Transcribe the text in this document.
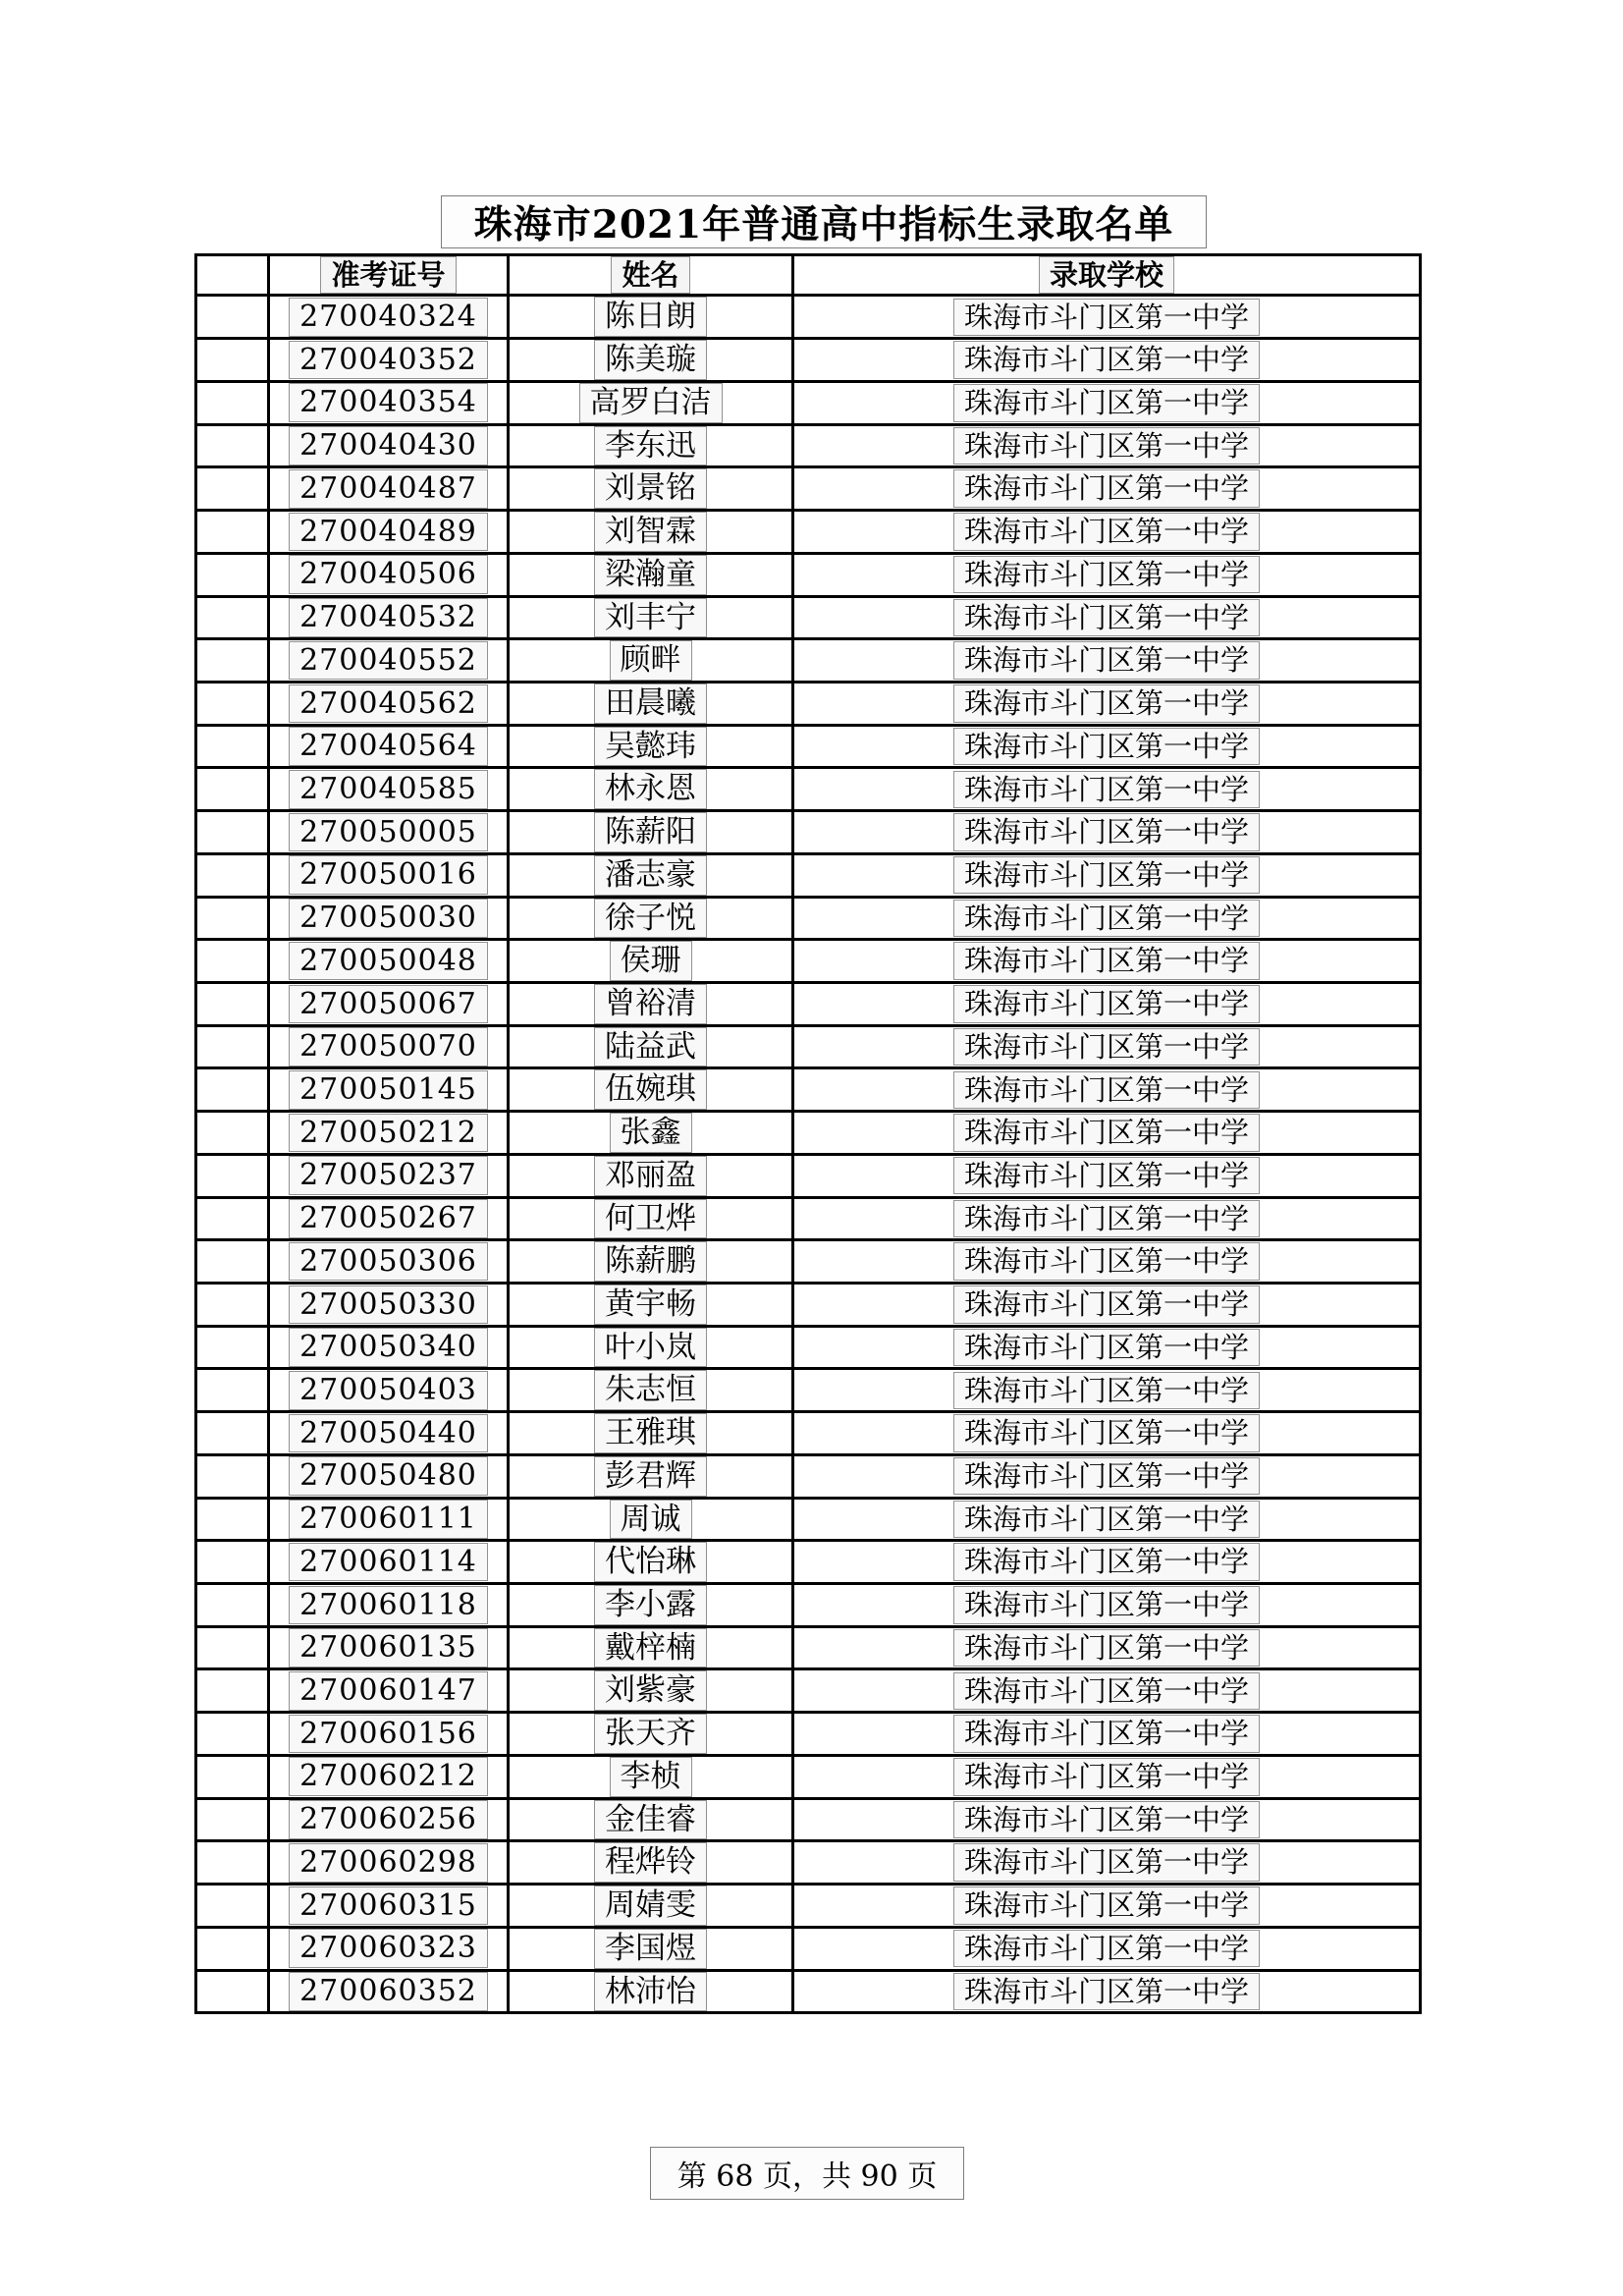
珠海市2021年普通高中指标生录取名单
	准考证号	姓名	录取学校
	270040324	陈日朗	珠海市斗门区第一中学
	270040352	陈美璇	珠海市斗门区第一中学
	270040354	高罗白洁	珠海市斗门区第一中学
	270040430	李东迅	珠海市斗门区第一中学
	270040487	刘景铭	珠海市斗门区第一中学
	270040489	刘智霖	珠海市斗门区第一中学
	270040506	梁瀚童	珠海市斗门区第一中学
	270040532	刘丰宁	珠海市斗门区第一中学
	270040552	顾畔	珠海市斗门区第一中学
	270040562	田晨曦	珠海市斗门区第一中学
	270040564	吴懿玮	珠海市斗门区第一中学
	270040585	林永恩	珠海市斗门区第一中学
	270050005	陈薪阳	珠海市斗门区第一中学
	270050016	潘志豪	珠海市斗门区第一中学
	270050030	徐子悦	珠海市斗门区第一中学
	270050048	侯珊	珠海市斗门区第一中学
	270050067	曾裕清	珠海市斗门区第一中学
	270050070	陆益武	珠海市斗门区第一中学
	270050145	伍婉琪	珠海市斗门区第一中学
	270050212	张鑫	珠海市斗门区第一中学
	270050237	邓丽盈	珠海市斗门区第一中学
	270050267	何卫烨	珠海市斗门区第一中学
	270050306	陈薪鹏	珠海市斗门区第一中学
	270050330	黄宇畅	珠海市斗门区第一中学
	270050340	叶小岚	珠海市斗门区第一中学
	270050403	朱志恒	珠海市斗门区第一中学
	270050440	王雅琪	珠海市斗门区第一中学
	270050480	彭君辉	珠海市斗门区第一中学
	270060111	周诚	珠海市斗门区第一中学
	270060114	代怡琳	珠海市斗门区第一中学
	270060118	李小露	珠海市斗门区第一中学
	270060135	戴梓楠	珠海市斗门区第一中学
	270060147	刘紫豪	珠海市斗门区第一中学
	270060156	张天齐	珠海市斗门区第一中学
	270060212	李桢	珠海市斗门区第一中学
	270060256	金佳睿	珠海市斗门区第一中学
	270060298	程烨铃	珠海市斗门区第一中学
	270060315	周婧雯	珠海市斗门区第一中学
	270060323	李国煜	珠海市斗门区第一中学
	270060352	林沛怡	珠海市斗门区第一中学
第 68 页，共 90 页
